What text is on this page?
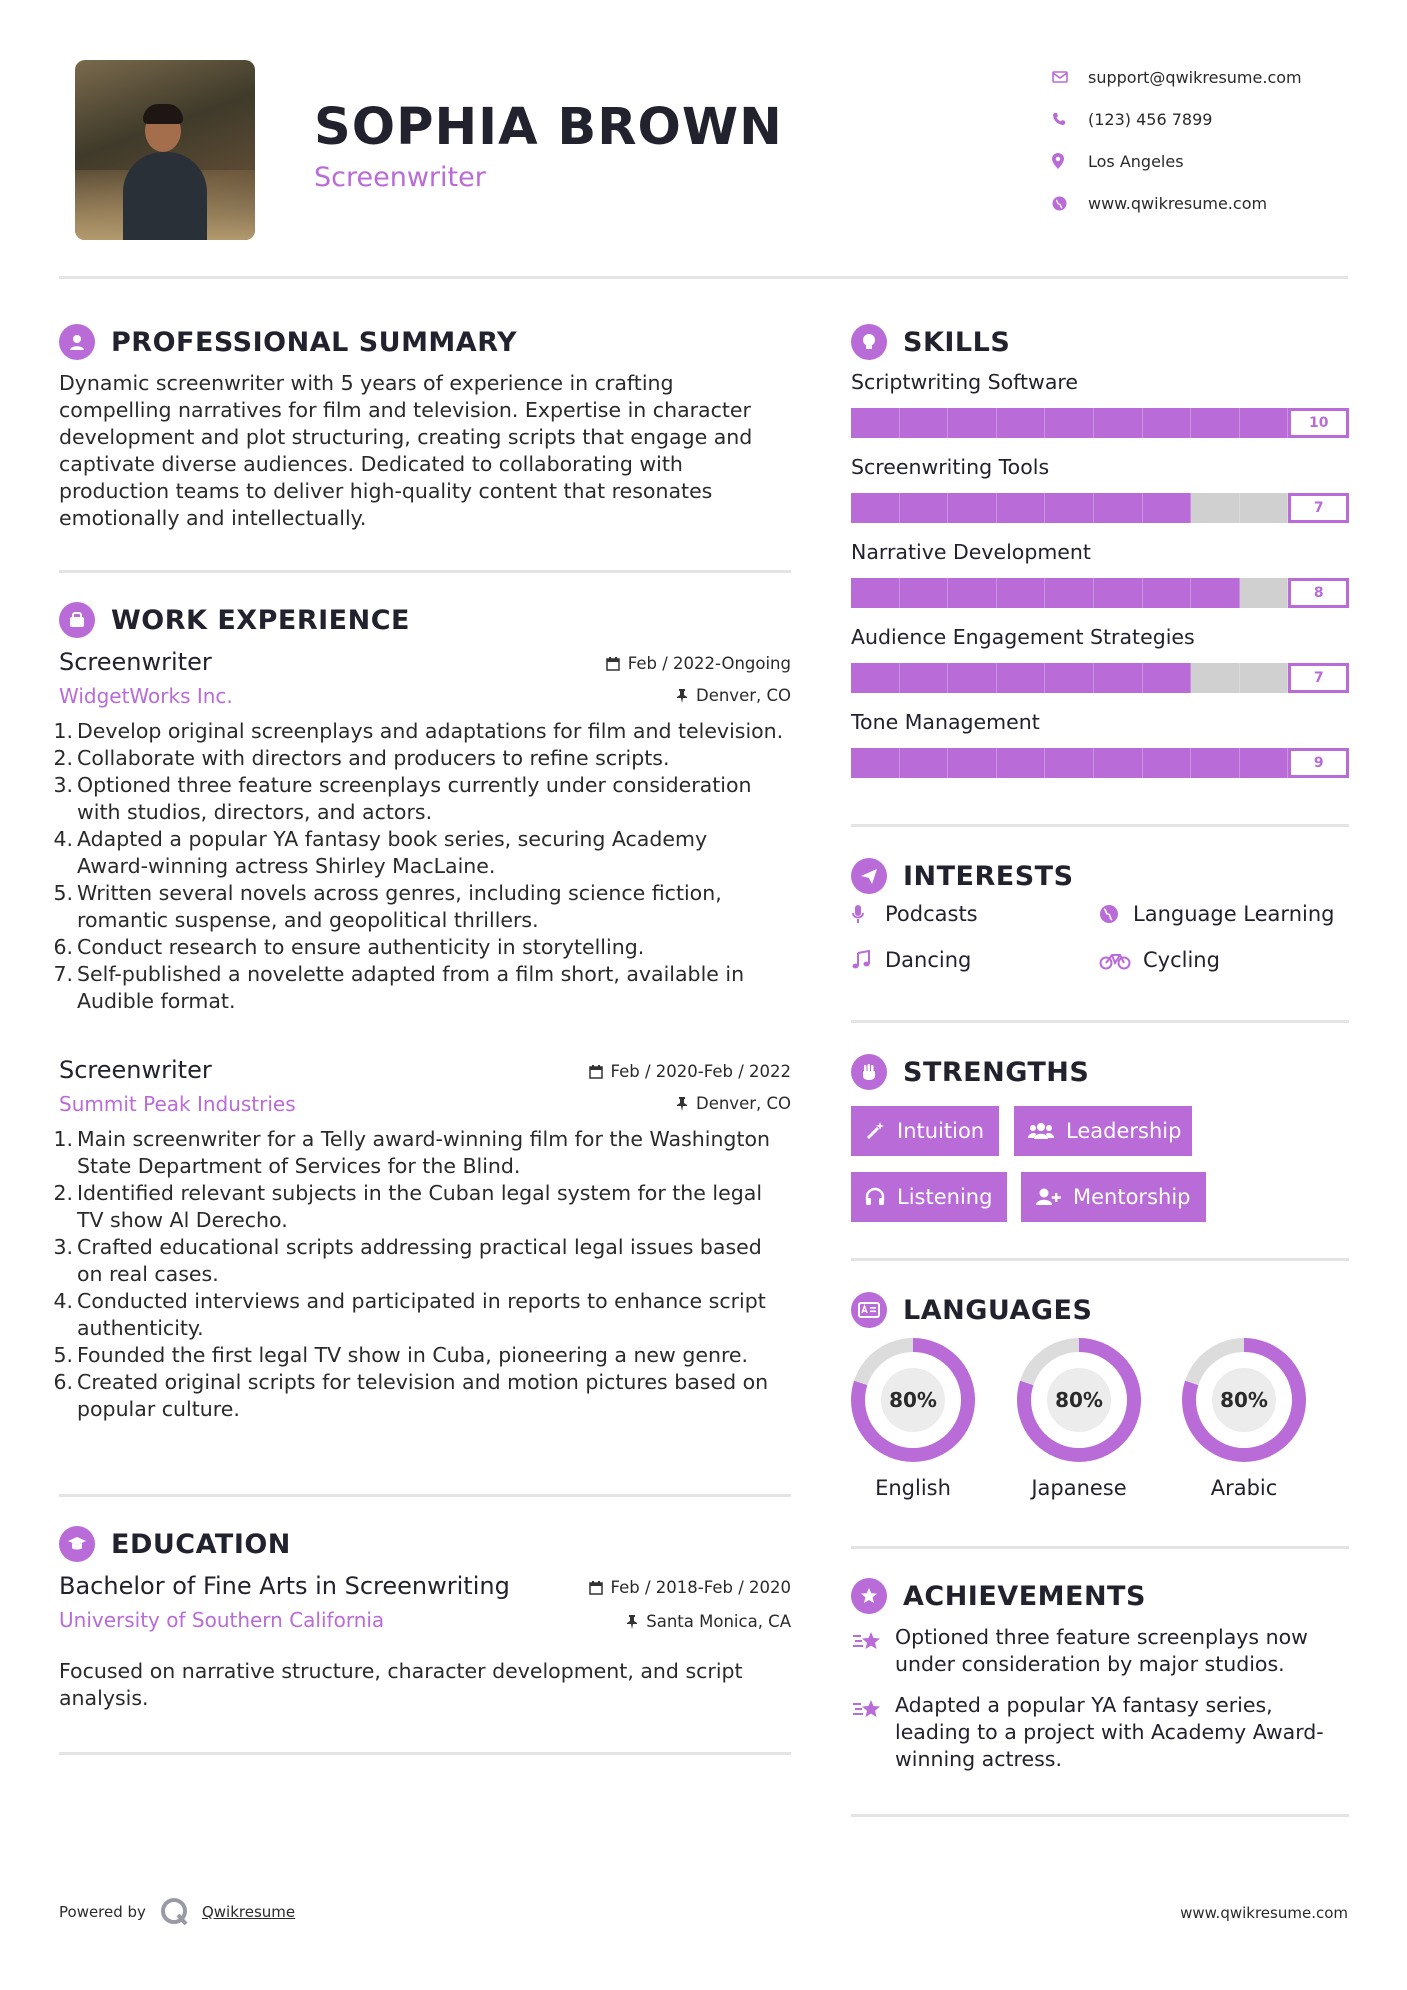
SOPHIA BROWN
Screenwriter
support@qwikresume.com
(123) 456 7899
Los Angeles
www.qwikresume.com
PROFESSIONAL SUMMARY
Dynamic screenwriter with 5 years of experience in crafting
compelling narratives for film and television. Expertise in character
development and plot structuring, creating scripts that engage and
captivate diverse audiences. Dedicated to collaborating with
production teams to deliver high-quality content that resonates
emotionally and intellectually.
WORK EXPERIENCE
Screenwriter
WidgetWorks Inc.
Feb / 2022-Ongoing
Denver, CO
1. Develop original screenplays and adaptations for film and television.
2. Collaborate with directors and producers to refine scripts.
3. Optioned three feature screenplays currently under consideration
with studios, directors, and actors.
4. Adapted a popular YA fantasy book series, securing Academy
Award-winning actress Shirley MacLaine.
5. Written several novels across genres, including science fiction,
romantic suspense, and geopolitical thrillers.
6. Conduct research to ensure authenticity in storytelling.
7. Self-published a novelette adapted from a film short, available in
Audible format.
Screenwriter
Summit Peak Industries
Feb / 2020-Feb / 2022
Denver, CO
1. Main screenwriter for a Telly award-winning film for the Washington
State Department of Services for the Blind.
2. Identified relevant subjects in the Cuban legal system for the legal
TV show Al Derecho.
3. Crafted educational scripts addressing practical legal issues based
on real cases.
4. Conducted interviews and participated in reports to enhance script
authenticity.
5. Founded the first legal TV show in Cuba, pioneering a new genre.
6. Created original scripts for television and motion pictures based on
popular culture.
EDUCATION
Bachelor of Fine Arts in Screenwriting
University of Southern California
Feb / 2018-Feb / 2020
Santa Monica, CA
Focused on narrative structure, character development, and script
analysis.
SKILLS
Scriptwriting Software
10
Screenwriting Tools
7
Narrative Development
8
Audience Engagement Strategies
7
Tone Management
9
INTERESTS
Podcasts	Language Learning
Dancing	Cycling
STRENGTHS
Intuition	Leadership
Listening	Mentorship
LANGUAGES
80%
English
80%
Japanese
80%
Arabic
ACHIEVEMENTS
Optioned three feature screenplays now
under consideration by major studios.
Adapted a popular YA fantasy series,
leading to a project with Academy Award-
winning actress.
Powered by	Qwikresume	www.qwikresume.com
